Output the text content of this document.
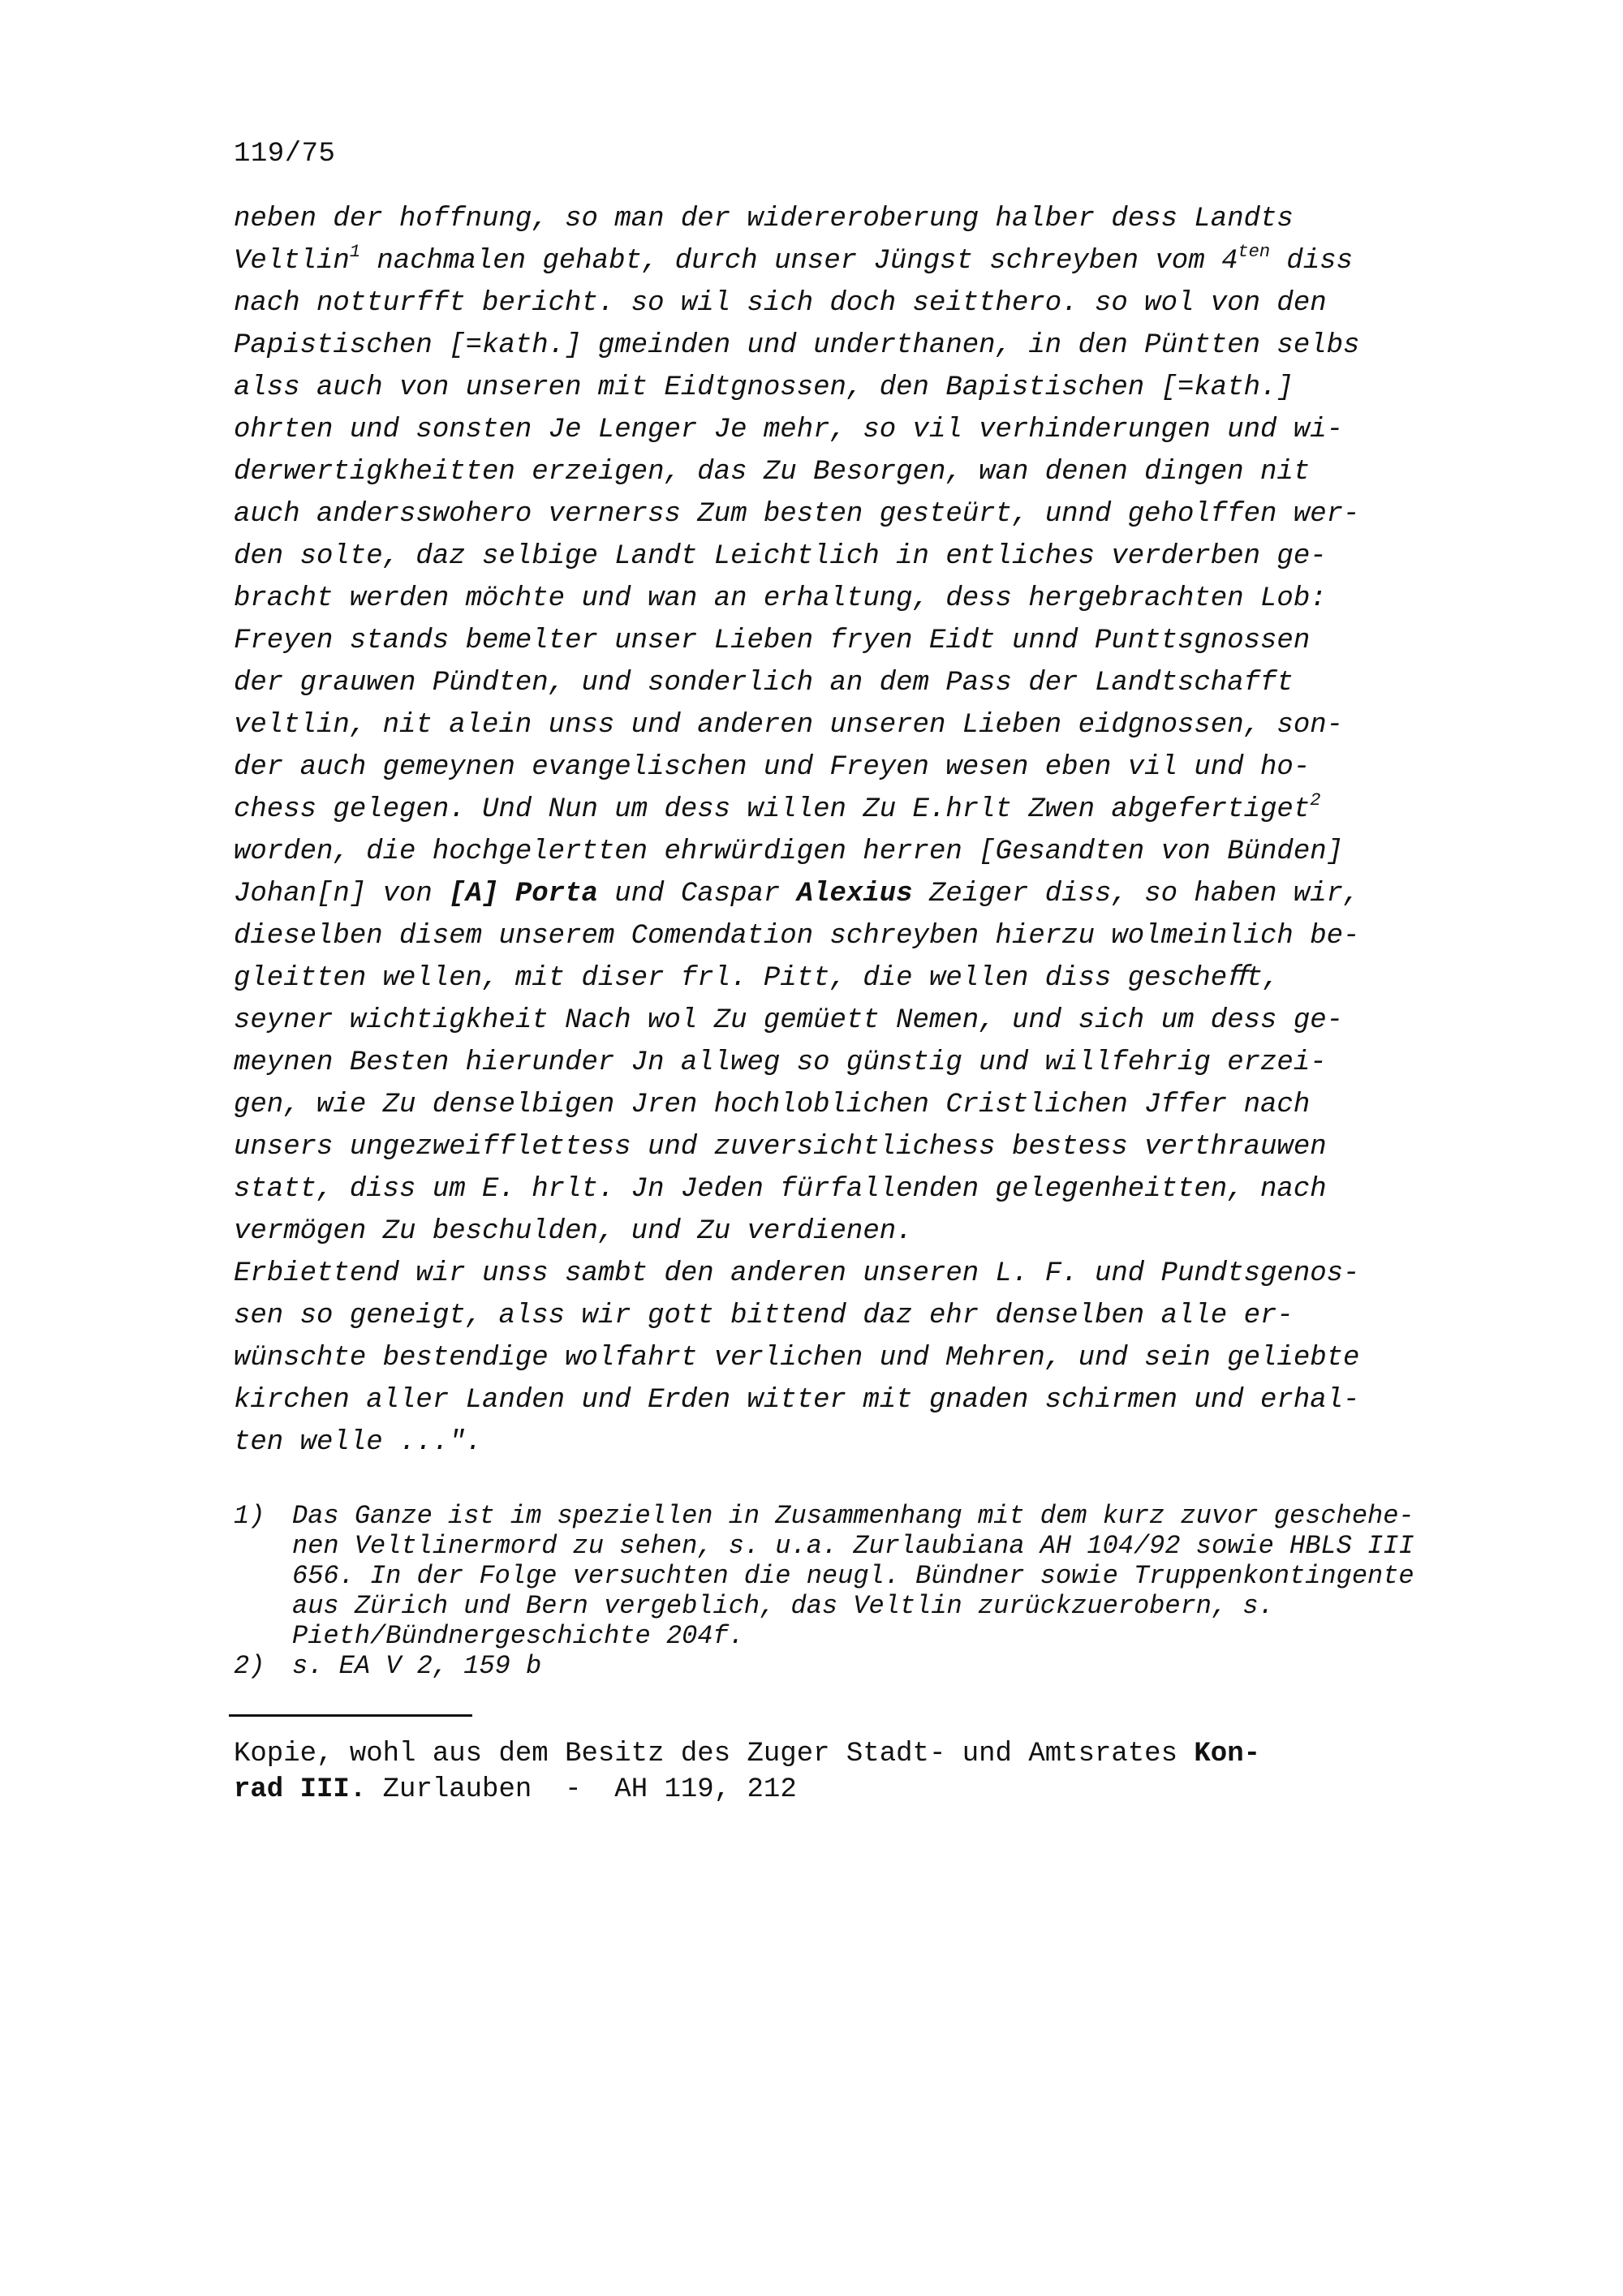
119/75
neben der hoffnung, so man der widereroberung halber dess Landts
Veltlin$^1$ nachmalen gehabt, durch unser Jüngst schreyben vom $4^{ten}$ diss
nach notturfft bericht. so wil sich doch seitthero. so wol von den
Papistischen [=kath.] gmeinden und underthanen, in den Püntten selbs
alss auch von unseren mit Eidtgnossen, den Bapistischen [=kath.]
ohrten und sonsten Je Lenger Je mehr, so vil verhinderungen und wi-
derwertigkheitten erzeigen, das Zu Besorgen, wan denen dingen nit
auch andersswohero vernerss Zum besten gesteürt, unnd geholffen wer-
den solte, daz selbige Landt Leichtlich in entliches verderben ge-
bracht werden möchte und wan an erhaltung, dess hergebrachten Lob:
Freyen stands bemelter unser Lieben fryen Eidt unnd Punttsgnossen
der grauwen Pündten, und sonderlich an dem Pass der Landtschafft
veltlin, nit alein unss und anderen unseren Lieben eidgnossen, son-
der auch gemeynen evangelischen und Freyen wesen eben vil und ho-
chess gelegen. Und Nun um dess willen Zu E.hrlt Zwen abgefertiget$^2$
worden, die hochgelertten ehrwürdigen herren [Gesandten von Bünden]
Johan[n] von [A] Porta und Caspar Alexius Zeiger diss, so haben wir,
dieselben disem unserem Comendation schreyben hierzu wolmeinlich be-
gleitten wellen, mit diser frl. Pitt, die wellen diss gescheﬀt,
seyner wichtigkheit Nach wol Zu gemüett Nemen, und sich um dess ge-
meynen Besten hierunder Jn allweg so günstig und willfehrig erzei-
gen, wie Zu denselbigen Jren hochloblichen Cristlichen Jffer nach
unsers ungezweifflettess und zuversichtlichess bestess verthrauwen
statt, diss um E. hrlt. Jn Jeden fürfallenden gelegenheitten, nach
vermögen Zu beschulden, und Zu verdienen.
Erbiettend wir unss sambt den anderen unseren L. F. und Pundtsgenos-
sen so geneigt, alss wir gott bittend daz ehr denselben alle er-
wünschte bestendige wolfahrt verlichen und Mehren, und sein geliebte
kirchen aller Landen und Erden witter mit gnaden schirmen und erhal-
ten welle ...".
1) Das Ganze ist im speziellen in Zusammenhang mit dem kurz zuvor geschehe-
nen Veltlinermord zu sehen, s. u.a. Zurlaubiana AH 104/92 sowie HBLS III
656. In der Folge versuchten die neugl. Bündner sowie Truppenkontingente
aus Zürich und Bern vergeblich, das Veltlin zurückzuerobern, s.
Pieth/Bündnergeschichte 204f.
2) s. EA V 2, 159 b
Kopie, wohl aus dem Besitz des Zuger Stadt- und Amtsrates Kon-
rad III. Zurlauben  -  AH 119, 212
